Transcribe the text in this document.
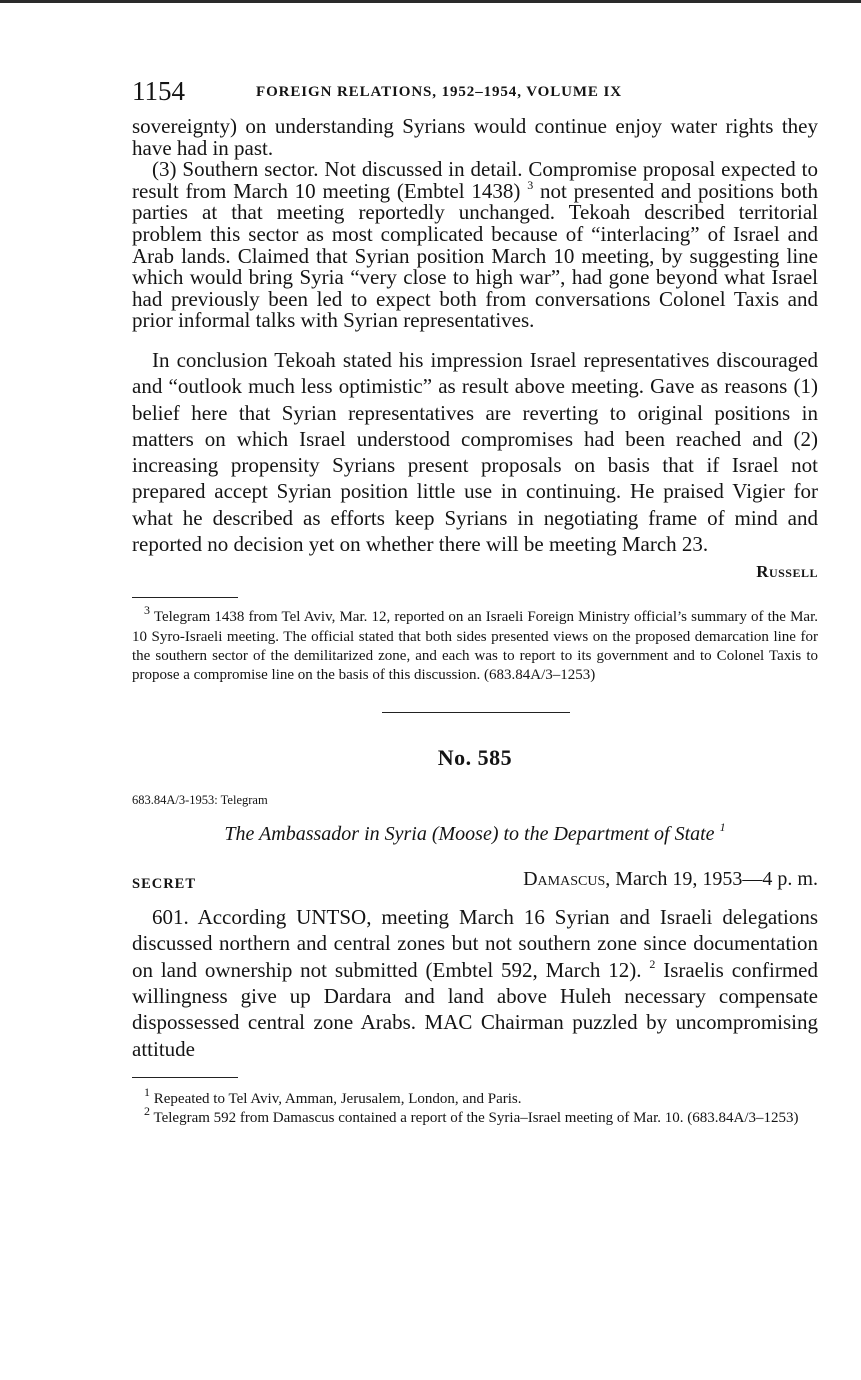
1154	FOREIGN RELATIONS, 1952–1954, VOLUME IX

sovereignty) on understanding Syrians would continue enjoy water rights they have had in past.

(3) Southern sector. Not discussed in detail. Compromise proposal expected to result from March 10 meeting (Embtel 1438) $^3$ not presented and positions both parties at that meeting reportedly unchanged. Tekoah described territorial problem this sector as most complicated because of “interlacing” of Israel and Arab lands. Claimed that Syrian position March 10 meeting, by suggesting line which would bring Syria “very close to high war”, had gone beyond what Israel had previously been led to expect both from conversations Colonel Taxis and prior informal talks with Syrian representatives.

In conclusion Tekoah stated his impression Israel representatives discouraged and “outlook much less optimistic” as result above meeting. Gave as reasons (1) belief here that Syrian representatives are reverting to original positions in matters on which Israel understood compromises had been reached and (2) increasing propensity Syrians present proposals on basis that if Israel not prepared accept Syrian position little use in continuing. He praised Vigier for what he described as efforts keep Syrians in negotiating frame of mind and reported no decision yet on whether there will be meeting March 23.

Russell

$^3$ Telegram 1438 from Tel Aviv, Mar. 12, reported on an Israeli Foreign Ministry official’s summary of the Mar. 10 Syro-Israeli meeting. The official stated that both sides presented views on the proposed demarcation line for the southern sector of the demilitarized zone, and each was to report to its government and to Colonel Taxis to propose a compromise line on the basis of this discussion. (683.84A/3–1253)

No. 585
683.84A/3-1953: Telegram
The Ambassador in Syria (Moose) to the Department of State $^1$
SECRET	Damascus, March 19, 1953—4 p. m.

601. According UNTSO, meeting March 16 Syrian and Israeli delegations discussed northern and central zones but not southern zone since documentation on land ownership not submitted (Embtel 592, March 12). $^2$ Israelis confirmed willingness give up Dardara and land above Huleh necessary compensate dispossessed central zone Arabs. MAC Chairman puzzled by uncompromising attitude

$^1$ Repeated to Tel Aviv, Amman, Jerusalem, London, and Paris.

$^2$ Telegram 592 from Damascus contained a report of the Syria–Israel meeting of Mar. 10. (683.84A/3–1253)
